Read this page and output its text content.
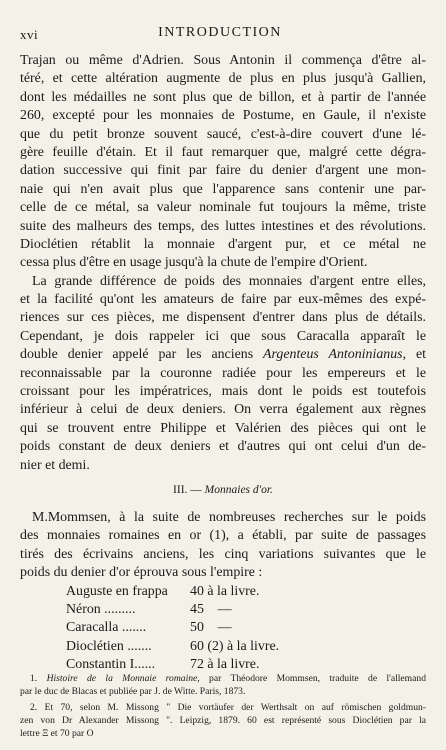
xvi	INTRODUCTION
Trajan ou même d'Adrien. Sous Antonin il commença d'être al-
téré, et cette altération augmente de plus en plus jusqu'à Gallien,
dont les médailles ne sont plus que de billon, et à partir de l'année
260, excepté pour les monnaies de Postume, en Gaule, il n'existe
que du petit bronze souvent saucé, c'est-à-dire couvert d'une lé-
gère feuille d'étain. Et il faut remarquer que, malgré cette dégra-
dation successive qui finit par faire du denier d'argent une mon-
naie qui n'en avait plus que l'apparence sans contenir une par-
celle de ce métal, sa valeur nominale fut toujours la même, triste
suite des malheurs des temps, des luttes intestines et des révolutions.
Dioclétien rétablit la monnaie d'argent pur, et ce métal ne
cessa plus d'être en usage jusqu'à la chute de l'empire d'Orient.
La grande différence de poids des monnaies d'argent entre elles,
et la facilité qu'ont les amateurs de faire par eux-mêmes des expé-
riences sur ces pièces, me dispensent d'entrer dans plus de détails.
Cependant, je dois rappeler ici que sous Caracalla apparaît le
double denier appelé par les anciens Argenteus Antoninianus, et
reconnaissable par la couronne radiée pour les empereurs et le
croissant pour les impératrices, mais dont le poids est toutefois
inférieur à celui de deux deniers. On verra également aux règnes
qui se trouvent entre Philippe et Valérien des pièces qui ont le
poids constant de deux deniers et d'autres qui ont celui d'un de-
nier et demi.
III. — Monnaies d'or.
M.Mommsen, à la suite de nombreuses recherches sur le poids
des monnaies romaines en or (1), a établi, par suite de passages
tirés des écrivains anciens, les cinq variations suivantes que le
poids du denier d'or éprouva sous l'empire :
Auguste en frappa 40 à la livre.
Néron .........	45    —
Caracalla .......	50    —
Dioclétien .......	60 (2) à la livre.
Constantin I......	72 à la livre.
1. Histoire de la Monnaie romaine, par Théodore Mommsen, traduite de l'allemand
par le duc de Blacas et publiée par J. de Witte. Paris, 1873.
2. Et 70, selon M. Missong " Die vortäufer der Werthsalt on auf römischen goldmun-
zen von Dr Alexander Missong ". Leipzig, 1879. 60 est représenté sous Dioclétien par la
lettre Ξ et 70 par O
